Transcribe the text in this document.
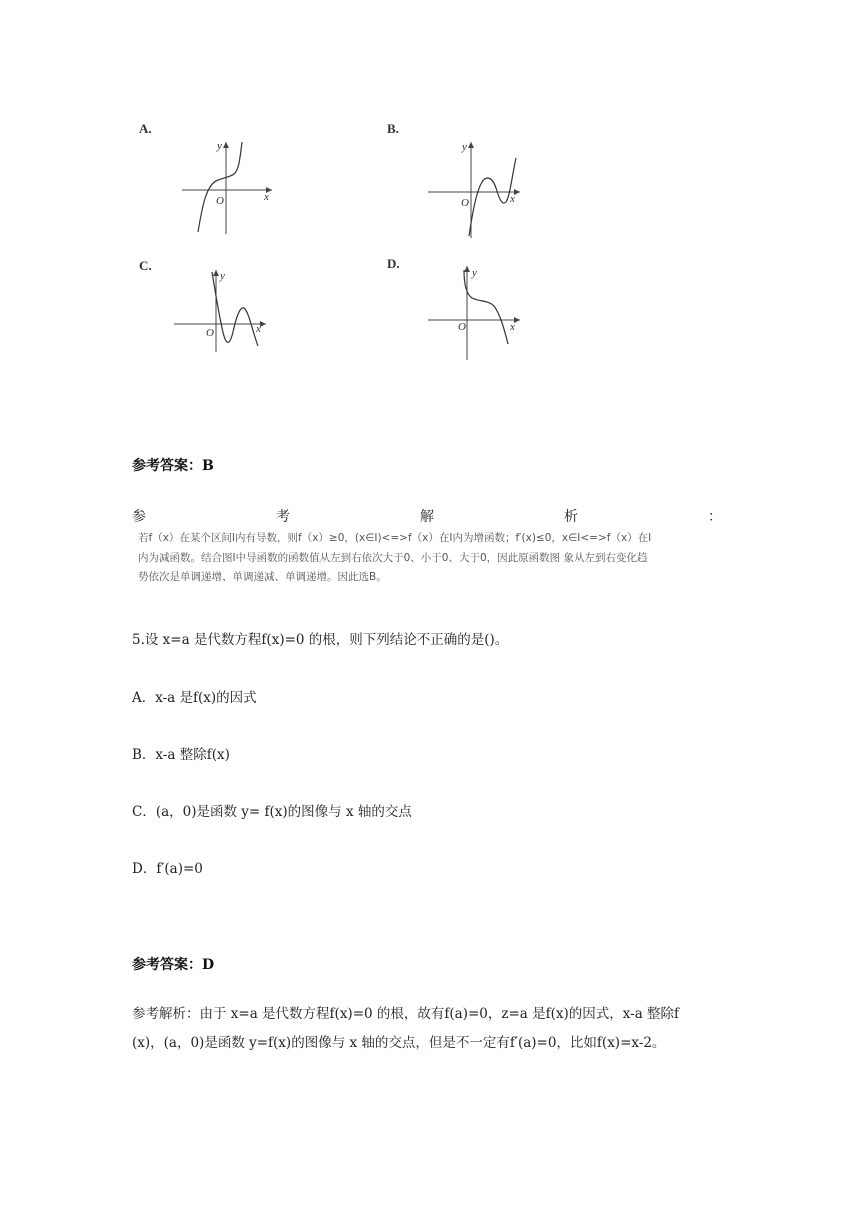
A.
y
x
O
B.
y
x
O
C.
y
x
O
D.
y
x
O
参考答案：B
参	考	解	析	：
若f（x）在某个区间I内有导数，则f（x）≥0，(x∈I)<=>f（x）在I内为增函数；f′(x)≤0，x∈I<=>f（x）在I
内为减函数。结合图I中导函数的函数值从左到右依次大于0、小于0、大于0，因此原函数图 象从左到右变化趋
势依次是单调递增、单调递减、单调递增。因此选B。
5.设 x=a 是代数方程f(x)=0 的根，则下列结论不正确的是()。
A．x-a 是f(x)的因式
B．x-a 整除f(x)
C．(a，0)是函数 y= f(x)的图像与 x 轴的交点
D．f′(a)=0
参考答案：D
参考解析：由于 x=a 是代数方程f(x)=0 的根，故有f(a)=0，z=a 是f(x)的因式，x-a 整除f
(x)，(a，0)是函数 y=f(x)的图像与 x 轴的交点，但是不一定有f′(a)=0，比如f(x)=x-2。
